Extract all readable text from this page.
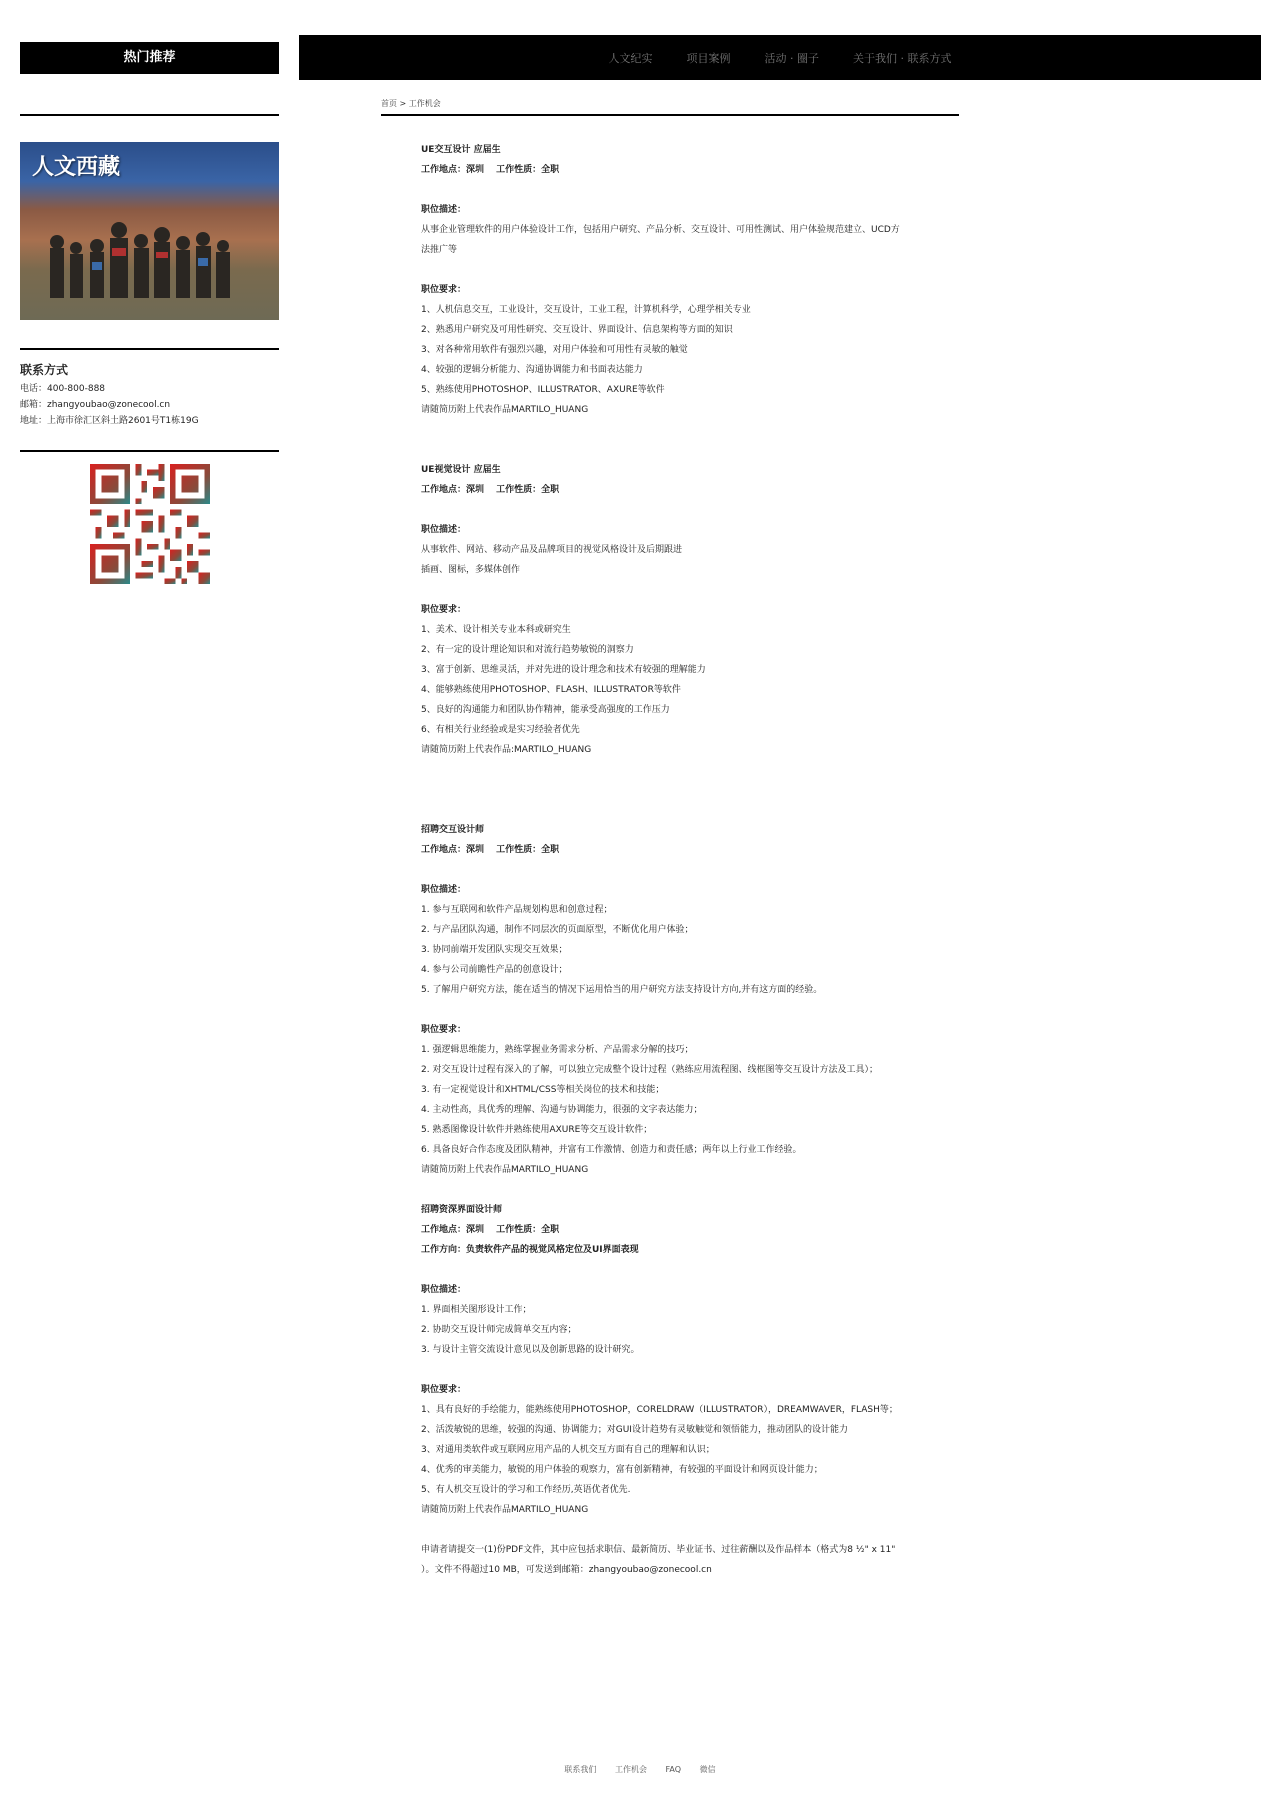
热门推荐
人文西藏
联系方式
电话：400-800-888
邮箱：zhangyoubao@zonecool.cn
地址：上海市徐汇区斜土路2601号T1栋19G
人文纪实	项目案例	活动 · 圈子	关于我们 · 联系方式
首页 > 工作机会
UE交互设计 应届生
工作地点：深圳 　工作性质：全职
职位描述：
从事企业管理软件的用户体验设计工作，包括用户研究、产品分析、交互设计、可用性测试、用户体验规范建立、UCD方
法推广等
职位要求：
1、人机信息交互，工业设计，交互设计，工业工程，计算机科学，心理学相关专业
2、熟悉用户研究及可用性研究、交互设计、界面设计、信息架构等方面的知识
3、对各种常用软件有强烈兴趣，对用户体验和可用性有灵敏的触觉
4、较强的逻辑分析能力、沟通协调能力和书面表达能力
5、熟练使用PHOTOSHOP、ILLUSTRATOR、AXURE等软件
请随简历附上代表作品MARTILO_HUANG
UE视觉设计 应届生
工作地点：深圳 　工作性质：全职
职位描述：
从事软件、网站、移动产品及品牌项目的视觉风格设计及后期跟进
插画、图标，多媒体创作
职位要求：
1、美术、设计相关专业本科或研究生
2、有一定的设计理论知识和对流行趋势敏锐的洞察力
3、富于创新、思维灵活，并对先进的设计理念和技术有较强的理解能力
4、能够熟练使用PHOTOSHOP、FLASH、ILLUSTRATOR等软件
5、良好的沟通能力和团队协作精神，能承受高强度的工作压力
6、有相关行业经验或是实习经验者优先
请随简历附上代表作品:MARTILO_HUANG
招聘交互设计师
工作地点：深圳 　工作性质：全职
职位描述：
1. 参与互联网和软件产品规划构思和创意过程；
2. 与产品团队沟通，制作不同层次的页面原型，不断优化用户体验；
3. 协同前端开发团队实现交互效果；
4. 参与公司前瞻性产品的创意设计；
5. 了解用户研究方法，能在适当的情况下运用恰当的用户研究方法支持设计方向,并有这方面的经验。
职位要求：
1. 强逻辑思维能力，熟练掌握业务需求分析、产品需求分解的技巧；
2. 对交互设计过程有深入的了解，可以独立完成整个设计过程（熟练应用流程图、线框图等交互设计方法及工具）；
3. 有一定视觉设计和XHTML/CSS等相关岗位的技术和技能；
4. 主动性高，具优秀的理解、沟通与协调能力，很强的文字表达能力；
5. 熟悉图像设计软件并熟练使用AXURE等交互设计软件；
6. 具备良好合作态度及团队精神，并富有工作激情、创造力和责任感；两年以上行业工作经验。
请随简历附上代表作品MARTILO_HUANG
招聘资深界面设计师
工作地点：深圳 　工作性质：全职
工作方向：负责软件产品的视觉风格定位及UI界面表现
职位描述：
1. 界面相关图形设计工作；
2. 协助交互设计师完成简单交互内容；
3. 与设计主管交流设计意见以及创新思路的设计研究。
职位要求：
1、具有良好的手绘能力，能熟练使用PHOTOSHOP，CORELDRAW（ILLUSTRATOR），DREAMWAVER，FLASH等；
2、活泼敏锐的思维，较强的沟通、协调能力；对GUI设计趋势有灵敏触觉和领悟能力，推动团队的设计能力
3、对通用类软件或互联网应用产品的人机交互方面有自己的理解和认识；
4、优秀的审美能力，敏锐的用户体验的观察力，富有创新精神，有较强的平面设计和网页设计能力；
5、有人机交互设计的学习和工作经历,英语优者优先.
请随简历附上代表作品MARTILO_HUANG
申请者请提交一(1)份PDF文件，其中应包括求职信、最新简历、毕业证书、过往薪酬以及作品样本（格式为8 ½" x 11"
）。文件不得超过10 MB，可发送到邮箱：zhangyoubao@zonecool.cn
联系我们 工作机会 FAQ 微信
